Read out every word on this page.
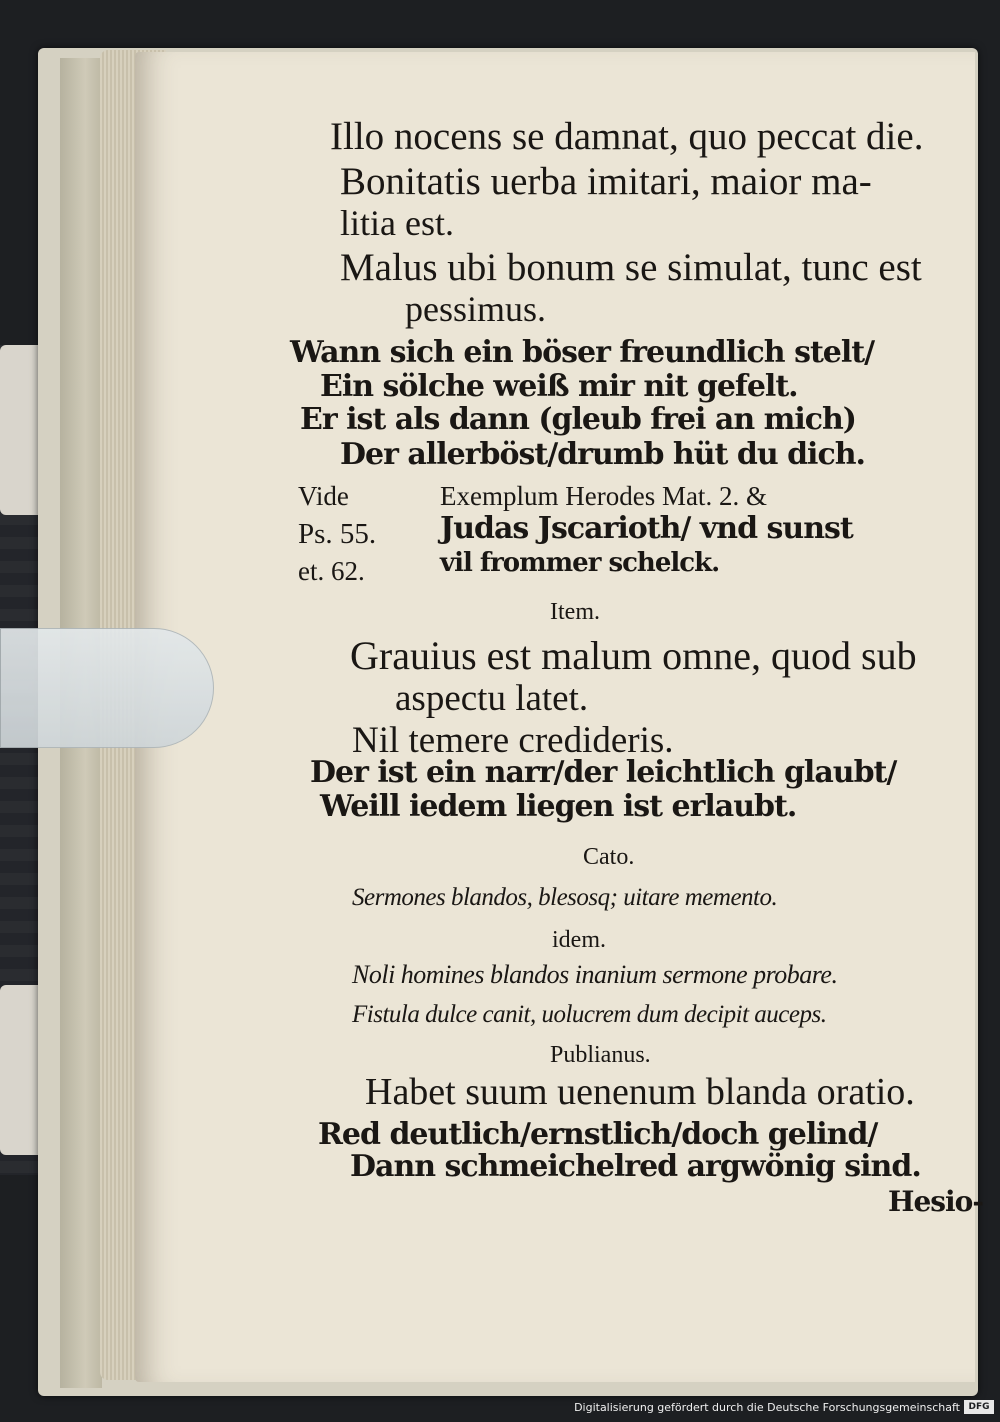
Illo nocens se damnat, quo peccat die.
Bonitatis uerba imitari, maior ma-
litia est.
Malus ubi bonum se simulat, tunc est
pessimus.
Wann sich ein böser freundlich stelt/
Ein sölche weiß mir nit gefelt.
Er ist als dann (gleub frei an mich)
Der allerböst/drumb hüt du dich.
Vide	Exemplum Herodes Mat. 2. &
Ps. 55. Judas Jscarioth/ vnd sunst
et. 62.	vil frommer schelck.
Item.
Grauius est malum omne, quod sub
aspectu latet.
Nil temere credideris.
Der ist ein narr/der leichtlich glaubt/
Weill iedem liegen ist erlaubt.
Cato.
Sermones blandos, blesosq; uitare memento.
idem.
Noli homines blandos inanium sermone probare.
Fistula dulce canit, uolucrem dum decipit auceps.
Publianus.
Habet suum uenenum blanda oratio.
Red deutlich/ernstlich/doch gelind/
Dann schmeichelred argwönig sind.
Hesio-
Digitalisierung gefördert durch die Deutsche Forschungsgemeinschaft DFG
